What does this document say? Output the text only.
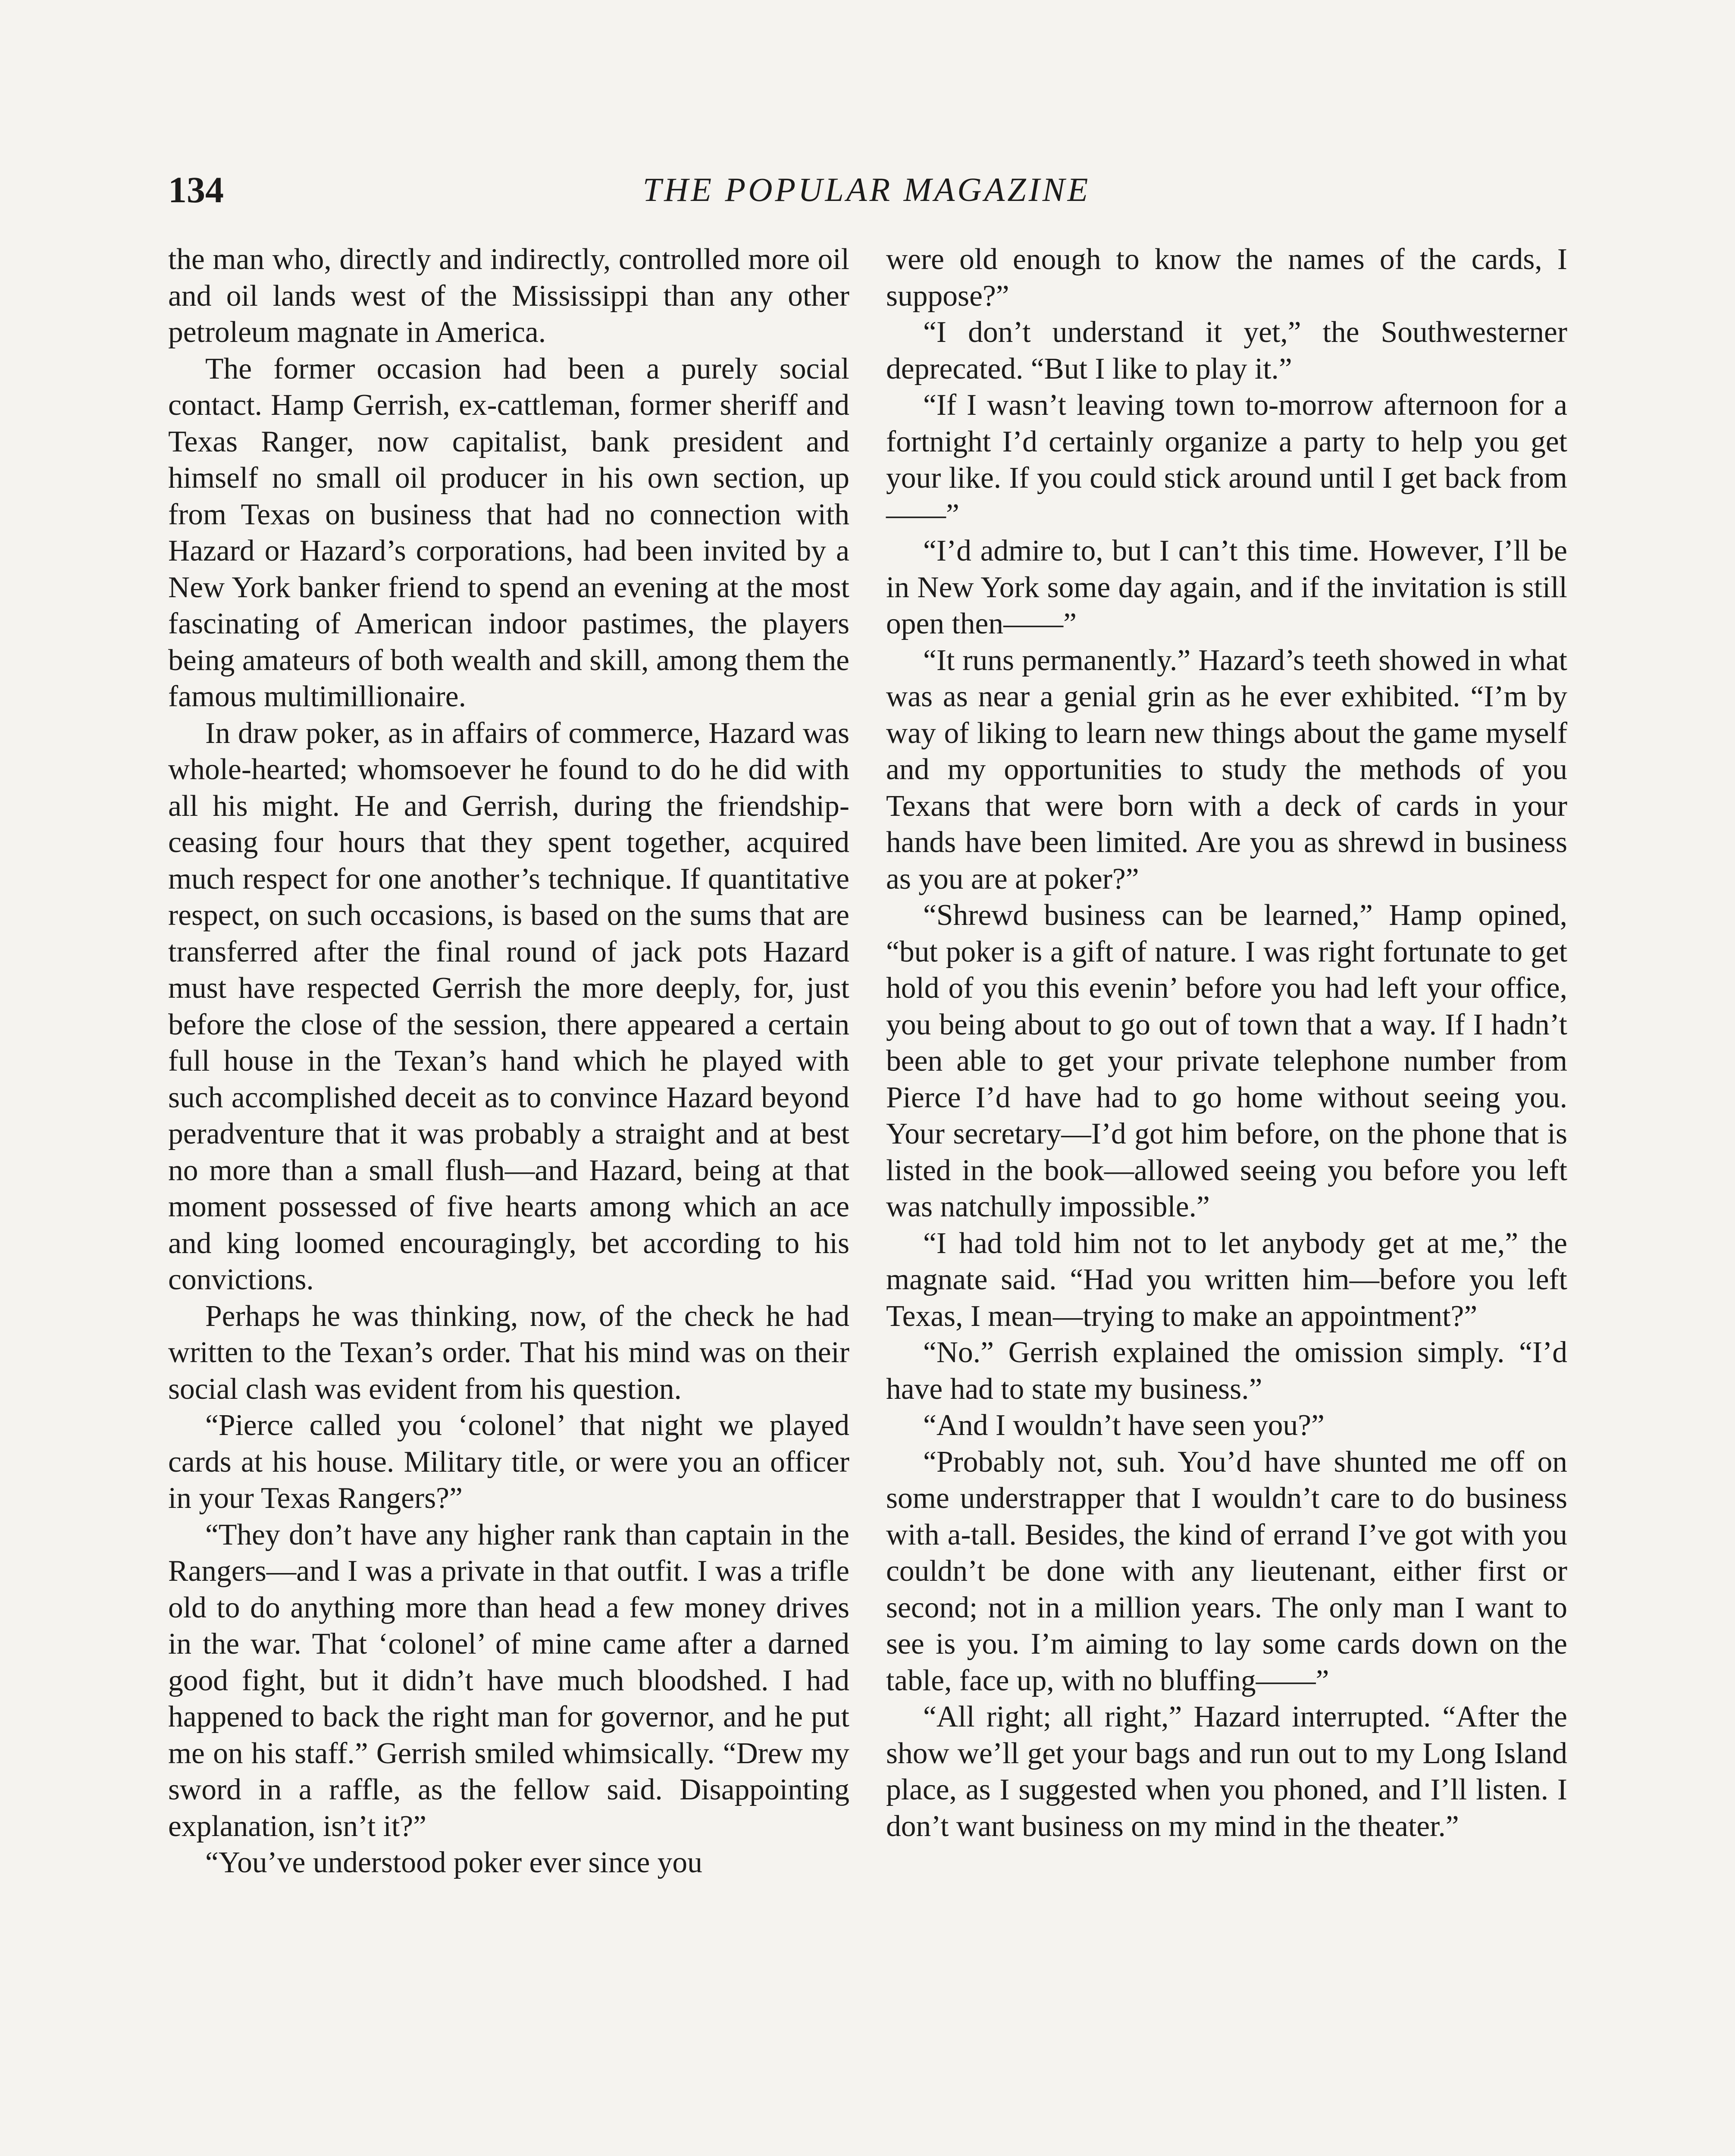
134	THE POPULAR MAGAZINE

the man who, directly and indirectly, controlled more oil and oil lands west of the Mississippi than any other petroleum magnate in America.

The former occasion had been a purely social contact. Hamp Gerrish, ex-cattleman, former sheriff and Texas Ranger, now capitalist, bank president and himself no small oil producer in his own section, up from Texas on business that had no connection with Hazard or Hazard’s corporations, had been invited by a New York banker friend to spend an evening at the most fascinating of American indoor pastimes, the players being amateurs of both wealth and skill, among them the famous multimillionaire.

In draw poker, as in affairs of commerce, Hazard was whole-hearted; whomsoever he found to do he did with all his might. He and Gerrish, during the friendship-ceasing four hours that they spent together, acquired much respect for one another’s technique. If quantitative respect, on such occasions, is based on the sums that are transferred after the final round of jack pots Hazard must have respected Gerrish the more deeply, for, just before the close of the session, there appeared a certain full house in the Texan’s hand which he played with such accomplished deceit as to convince Hazard beyond peradventure that it was probably a straight and at best no more than a small flush—and Hazard, being at that moment possessed of five hearts among which an ace and king loomed encouragingly, bet according to his convictions.

Perhaps he was thinking, now, of the check he had written to the Texan’s order. That his mind was on their social clash was evident from his question.

“Pierce called you ‘colonel’ that night we played cards at his house. Military title, or were you an officer in your Texas Rangers?”

“They don’t have any higher rank than captain in the Rangers—and I was a private in that outfit. I was a trifle old to do anything more than head a few money drives in the war. That ‘colonel’ of mine came after a darned good fight, but it didn’t have much bloodshed. I had happened to back the right man for governor, and he put me on his staff.” Gerrish smiled whimsically. “Drew my sword in a raffle, as the fellow said. Disappointing explanation, isn’t it?”

“You’ve understood poker ever since you

were old enough to know the names of the cards, I suppose?”

“I don’t understand it yet,” the Southwesterner deprecated. “But I like to play it.”

“If I wasn’t leaving town to-morrow afternoon for a fortnight I’d certainly organize a party to help you get your like. If you could stick around until I get back from——”

“I’d admire to, but I can’t this time. However, I’ll be in New York some day again, and if the invitation is still open then——”

“It runs permanently.” Hazard’s teeth showed in what was as near a genial grin as he ever exhibited. “I’m by way of liking to learn new things about the game myself and my opportunities to study the methods of you Texans that were born with a deck of cards in your hands have been limited. Are you as shrewd in business as you are at poker?”

“Shrewd business can be learned,” Hamp opined, “but poker is a gift of nature. I was right fortunate to get hold of you this evenin’ before you had left your office, you being about to go out of town that a way. If I hadn’t been able to get your private telephone number from Pierce I’d have had to go home without seeing you. Your secretary—I’d got him before, on the phone that is listed in the book—allowed seeing you before you left was natchully impossible.”

“I had told him not to let anybody get at me,” the magnate said. “Had you written him—before you left Texas, I mean—trying to make an appointment?”

“No.” Gerrish explained the omission simply. “I’d have had to state my business.”

“And I wouldn’t have seen you?”

“Probably not, suh. You’d have shunted me off on some understrapper that I wouldn’t care to do business with a-tall. Besides, the kind of errand I’ve got with you couldn’t be done with any lieutenant, either first or second; not in a million years. The only man I want to see is you. I’m aiming to lay some cards down on the table, face up, with no bluffing——”

“All right; all right,” Hazard interrupted. “After the show we’ll get your bags and run out to my Long Island place, as I suggested when you phoned, and I’ll listen. I don’t want business on my mind in the theater.”
